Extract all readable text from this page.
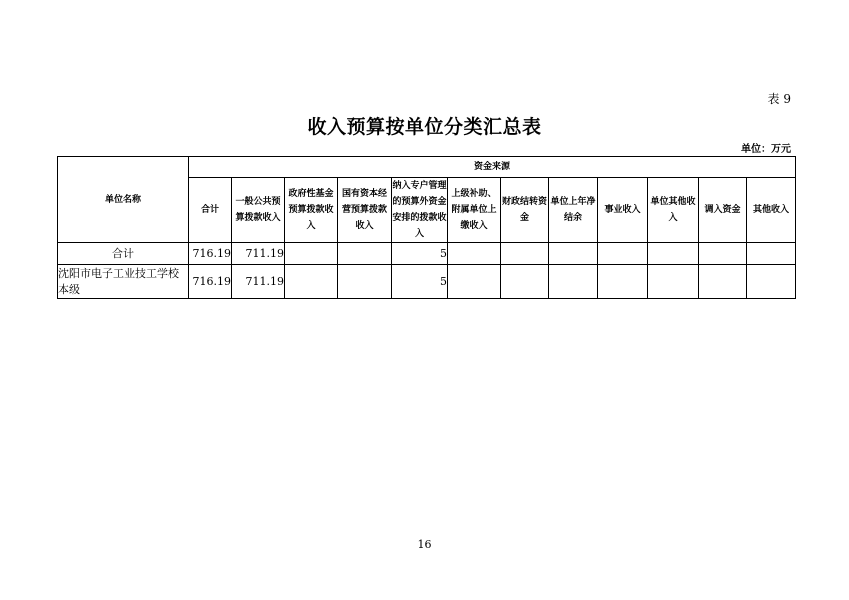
表 9
收入预算按单位分类汇总表
单位：万元
单位名称	资金来源											
	合计	一般公共预算拨款收入	政府性基金预算拨款收入	国有资本经营预算拨款收入	纳入专户管理的预算外资金安排的拨款收入	上级补助、附属单位上缴收入	财政结转资金	单位上年净结余	事业收入	单位其他收入	调入资金	其他收入
合计	716.19	711.19			5							
沈阳市电子工业技工学校本级	716.19	711.19			5							
16
